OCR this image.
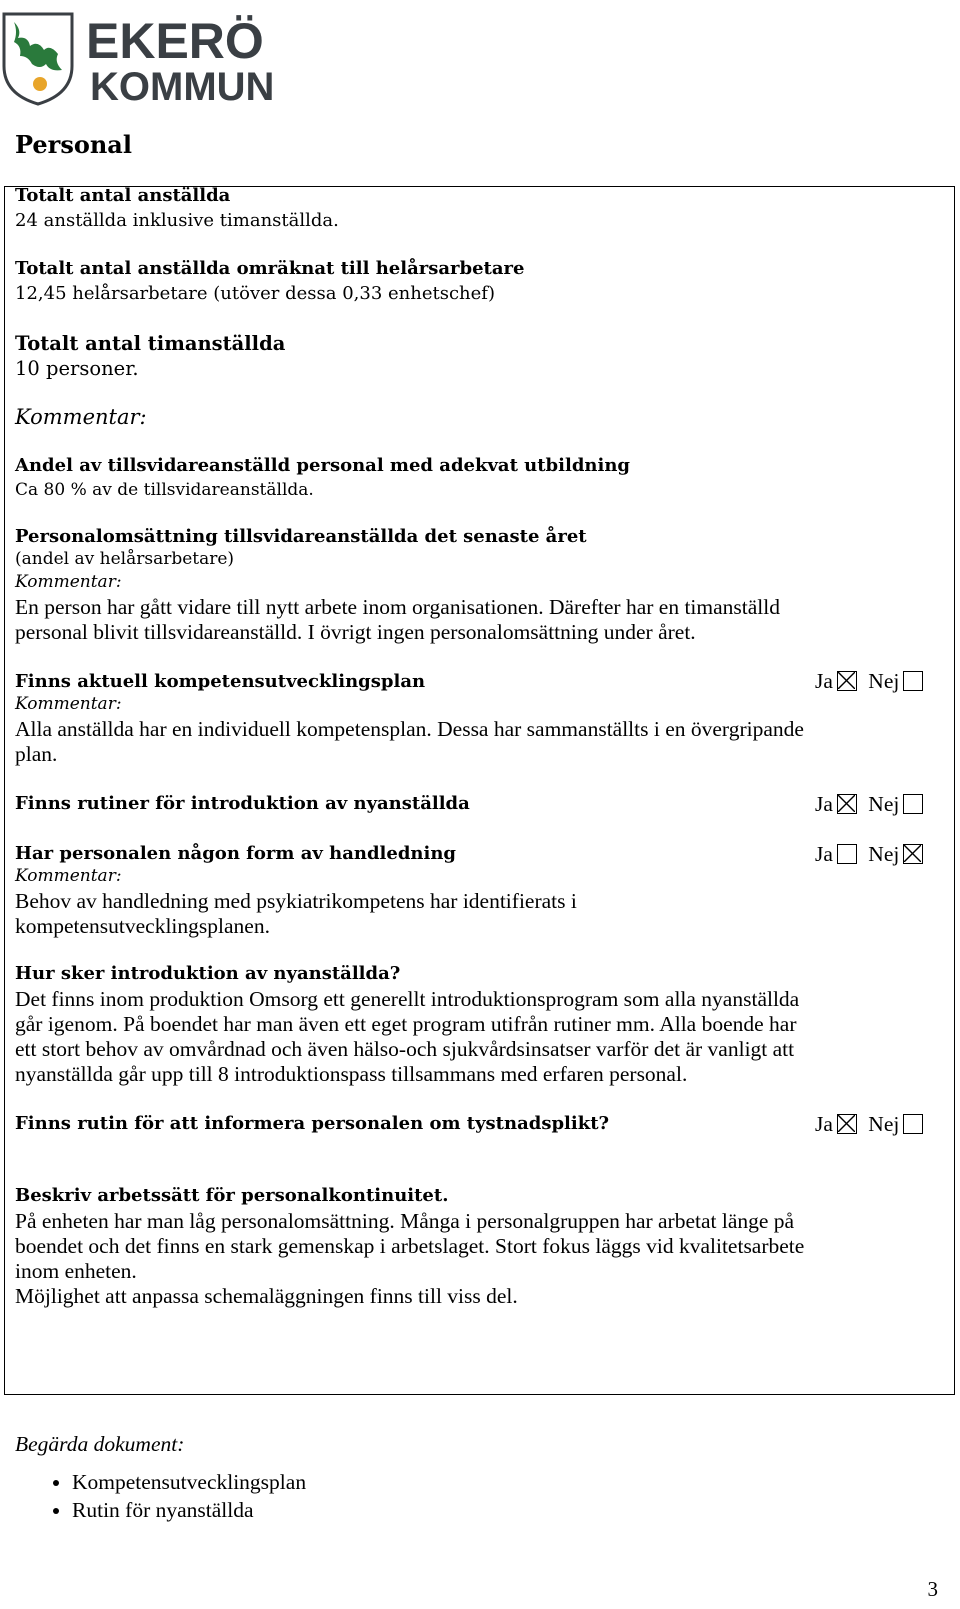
EKERÖ
KOMMUN
Personal
Totalt antal anställda
24 anställda inklusive timanställda.
Totalt antal anställda omräknat till helårsarbetare
12,45 helårsarbetare (utöver dessa 0,33 enhetschef)
Totalt antal timanställda
10 personer.
Kommentar:
Andel av tillsvidareanställd personal med adekvat utbildning
Ca 80 % av de tillsvidareanställda.
Personalomsättning tillsvidareanställda det senaste året
(andel av helårsarbetare)
Kommentar:
En person har gått vidare till nytt arbete inom organisationen. Därefter har en timanställd
personal blivit tillsvidareanställd. I övrigt ingen personalomsättning under året.
Finns aktuell kompetensutvecklingsplan	Ja Nej
Kommentar:
Alla anställda har en individuell kompetensplan. Dessa har sammanställts i en övergripande
plan.
Finns rutiner för introduktion av nyanställda	Ja Nej
Har personalen någon form av handledning	Ja Nej
Kommentar:
Behov av handledning med psykiatrikompetens har identifierats i
kompetensutvecklingsplanen.
Hur sker introduktion av nyanställda?
Det finns inom produktion Omsorg ett generellt introduktionsprogram som alla nyanställda
går igenom. På boendet har man även ett eget program utifrån rutiner mm. Alla boende har
ett stort behov av omvårdnad och även hälso-och sjukvårdsinsatser varför det är vanligt att
nyanställda går upp till 8 introduktionspass tillsammans med erfaren personal.
Finns rutin för att informera personalen om tystnadsplikt?	Ja Nej
Beskriv arbetssätt för personalkontinuitet.
På enheten har man låg personalomsättning. Många i personalgruppen har arbetat länge på
boendet och det finns en stark gemenskap i arbetslaget. Stort fokus läggs vid kvalitetsarbete
inom enheten.
Möjlighet att anpassa schemaläggningen finns till viss del.
Begärda dokument:
• Kompetensutvecklingsplan
• Rutin för nyanställda
3
